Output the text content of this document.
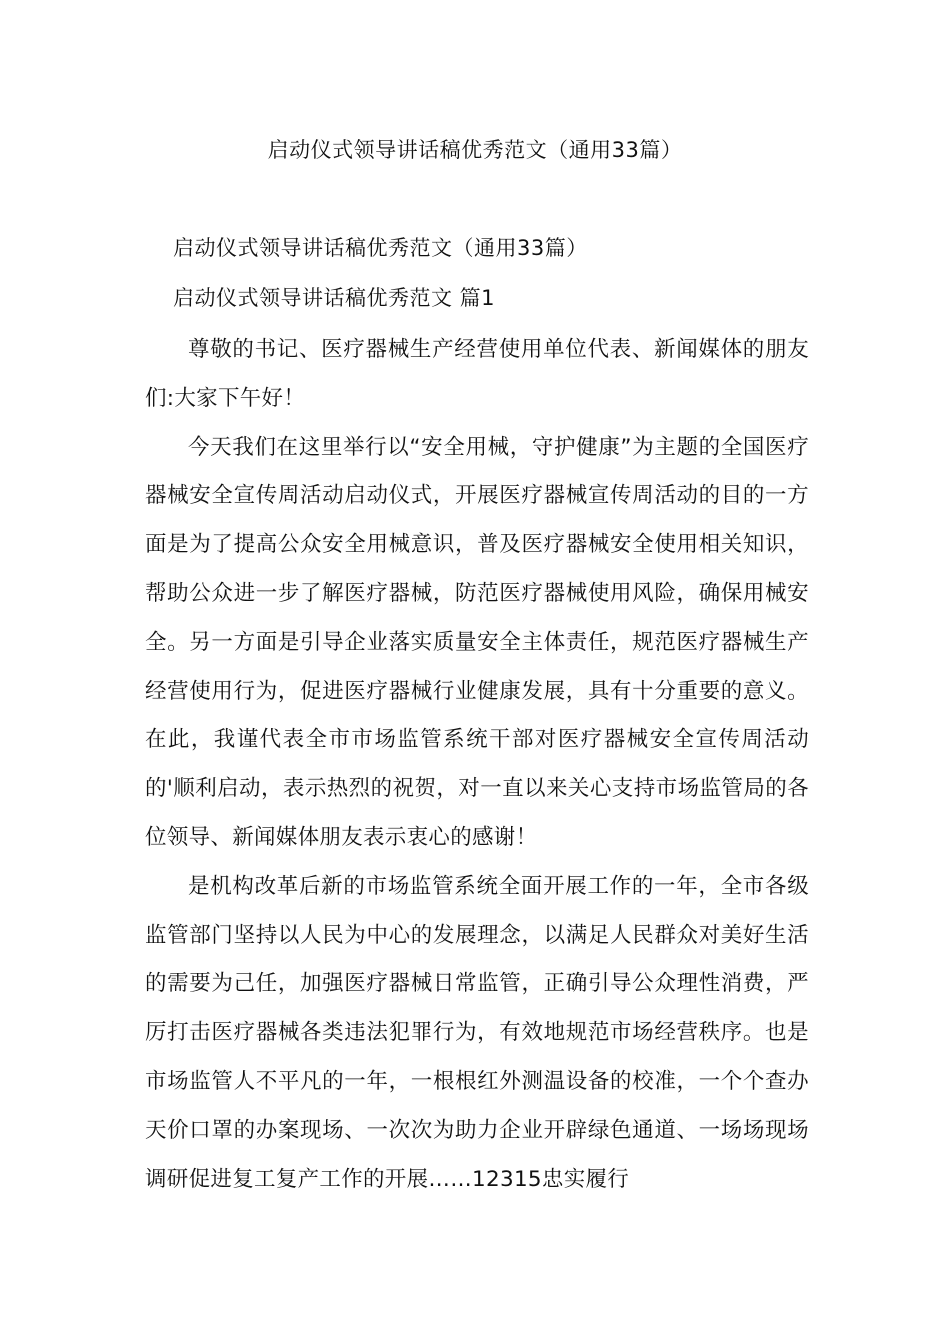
启动仪式领导讲话稿优秀范文（通用33篇）
启动仪式领导讲话稿优秀范文（通用33篇）
启动仪式领导讲话稿优秀范文 篇1

尊敬的书记、医疗器械生产经营使用单位代表、新闻媒体的朋友们:大家下午好！

今天我们在这里举行以“安全用械，守护健康”为主题的全国医疗器械安全宣传周活动启动仪式，开展医疗器械宣传周活动的目的一方面是为了提高公众安全用械意识，普及医疗器械安全使用相关知识，帮助公众进一步了解医疗器械，防范医疗器械使用风险，确保用械安全。另一方面是引导企业落实质量安全主体责任，规范医疗器械生产经营使用行为，促进医疗器械行业健康发展，具有十分重要的意义。在此，我谨代表全市市场监管系统干部对医疗器械安全宣传周活动的'顺利启动，表示热烈的祝贺，对一直以来关心支持市场监管局的各位领导、新闻媒体朋友表示衷心的感谢！

是机构改革后新的市场监管系统全面开展工作的一年，全市各级监管部门坚持以人民为中心的发展理念，以满足人民群众对美好生活的需要为己任，加强医疗器械日常监管，正确引导公众理性消费，严厉打击医疗器械各类违法犯罪行为，有效地规范市场经营秩序。也是市场监管人不平凡的一年，一根根红外测温设备的校准，一个个查办天价口罩的办案现场、一次次为助力企业开辟绿色通道、一场场现场调研促进复工复产工作的开展……12315忠实履行
